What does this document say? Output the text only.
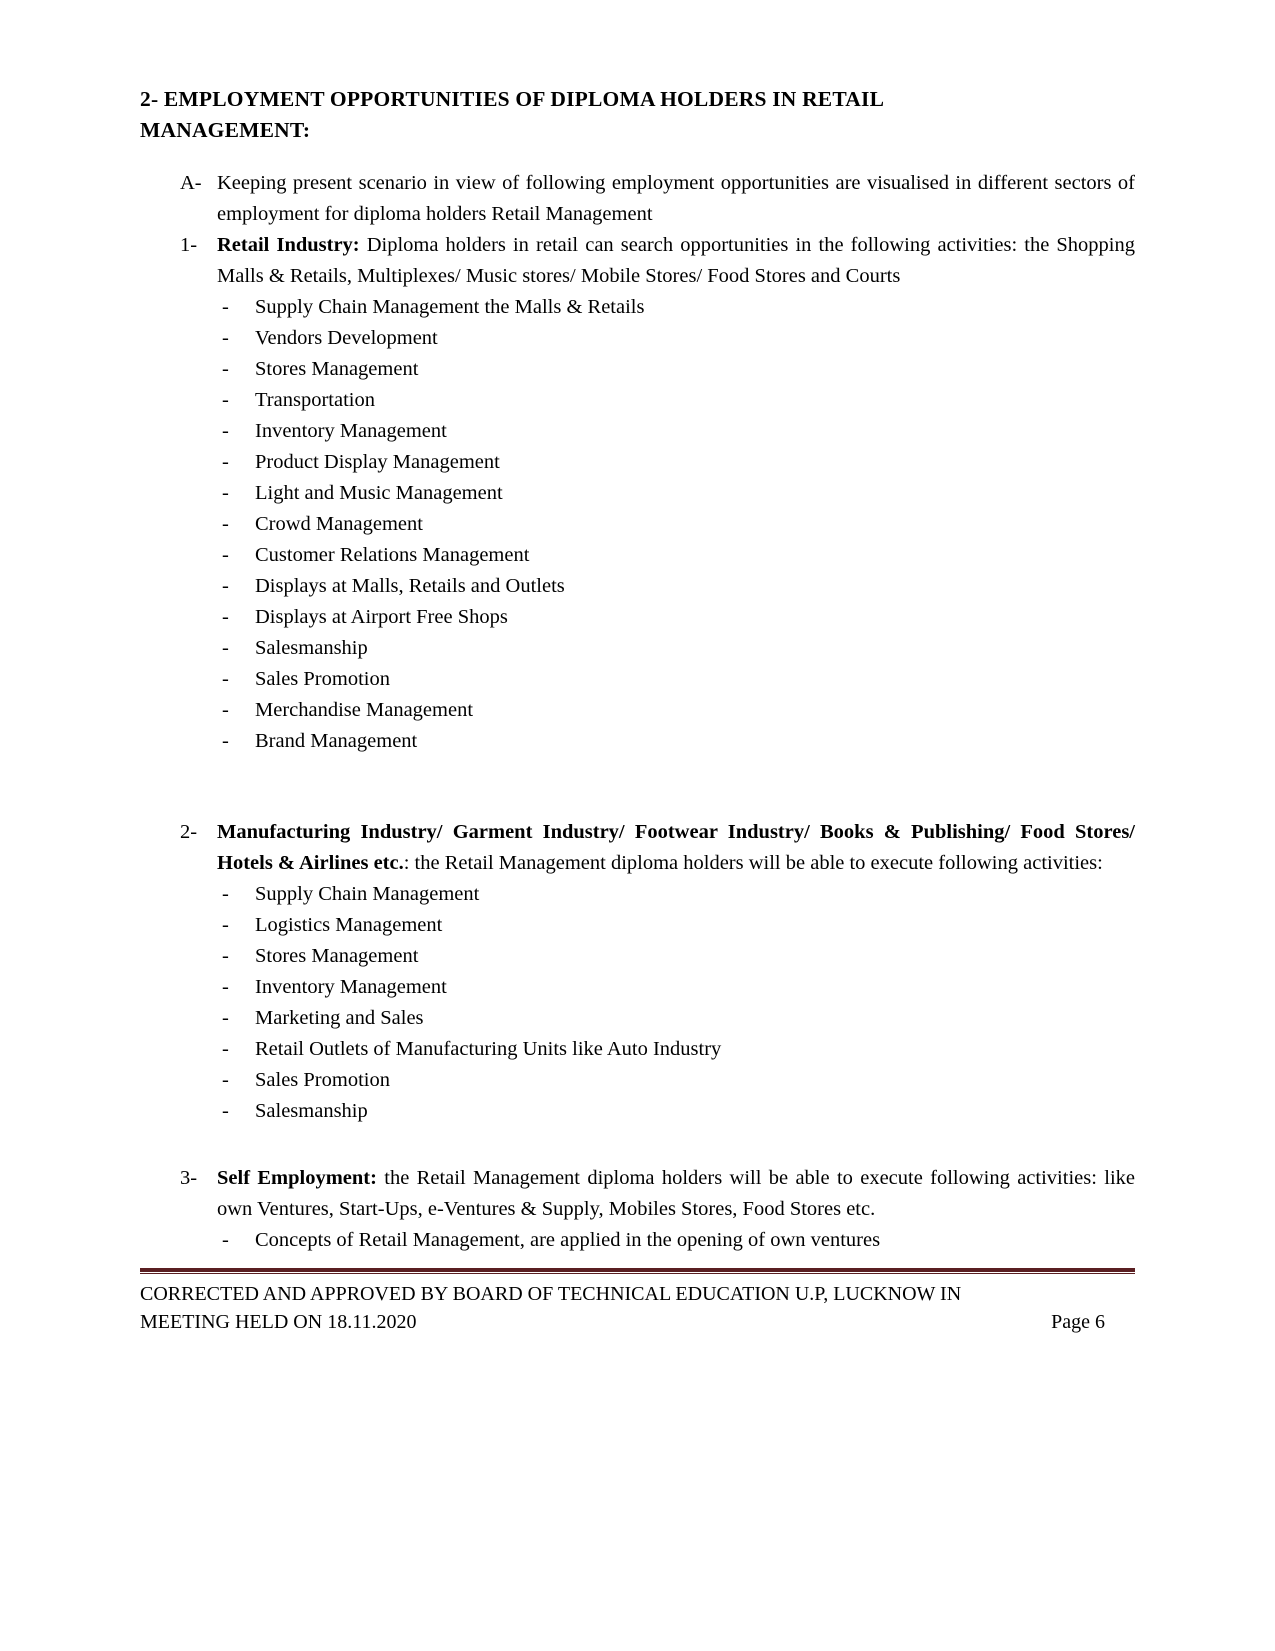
2- EMPLOYMENT OPPORTUNITIES OF DIPLOMA HOLDERS IN RETAIL MANAGEMENT:
A- Keeping present scenario in view of following employment opportunities are visualised in different sectors of employment for diploma holders Retail Management
1- Retail Industry: Diploma holders in retail can search opportunities in the following activities: the Shopping Malls & Retails, Multiplexes/ Music stores/ Mobile Stores/ Food Stores and Courts
-	Supply Chain Management the Malls & Retails
-	Vendors Development
-	Stores Management
-	Transportation
-	Inventory Management
-	Product Display Management
-	Light and Music Management
-	Crowd Management
-	Customer Relations Management
-	Displays at Malls, Retails and Outlets
-	Displays at Airport Free Shops
-	Salesmanship
-	Sales Promotion
-	Merchandise Management
-	Brand Management
2- Manufacturing Industry/ Garment Industry/ Footwear Industry/ Books & Publishing/ Food Stores/ Hotels & Airlines etc.: the Retail Management diploma holders will be able to execute following activities:
-	Supply Chain Management
-	Logistics Management
-	Stores Management
-	Inventory Management
-	Marketing and Sales
-	Retail Outlets of Manufacturing Units like Auto Industry
-	Sales Promotion
-	Salesmanship
3- Self Employment: the Retail Management diploma holders will be able to execute following activities: like own Ventures, Start-Ups, e-Ventures & Supply, Mobiles Stores, Food Stores etc.
-	Concepts of Retail Management, are applied in the opening of own ventures
CORRECTED AND APPROVED BY BOARD OF TECHNICAL EDUCATION U.P, LUCKNOW IN MEETING HELD ON 18.11.2020	Page 6
